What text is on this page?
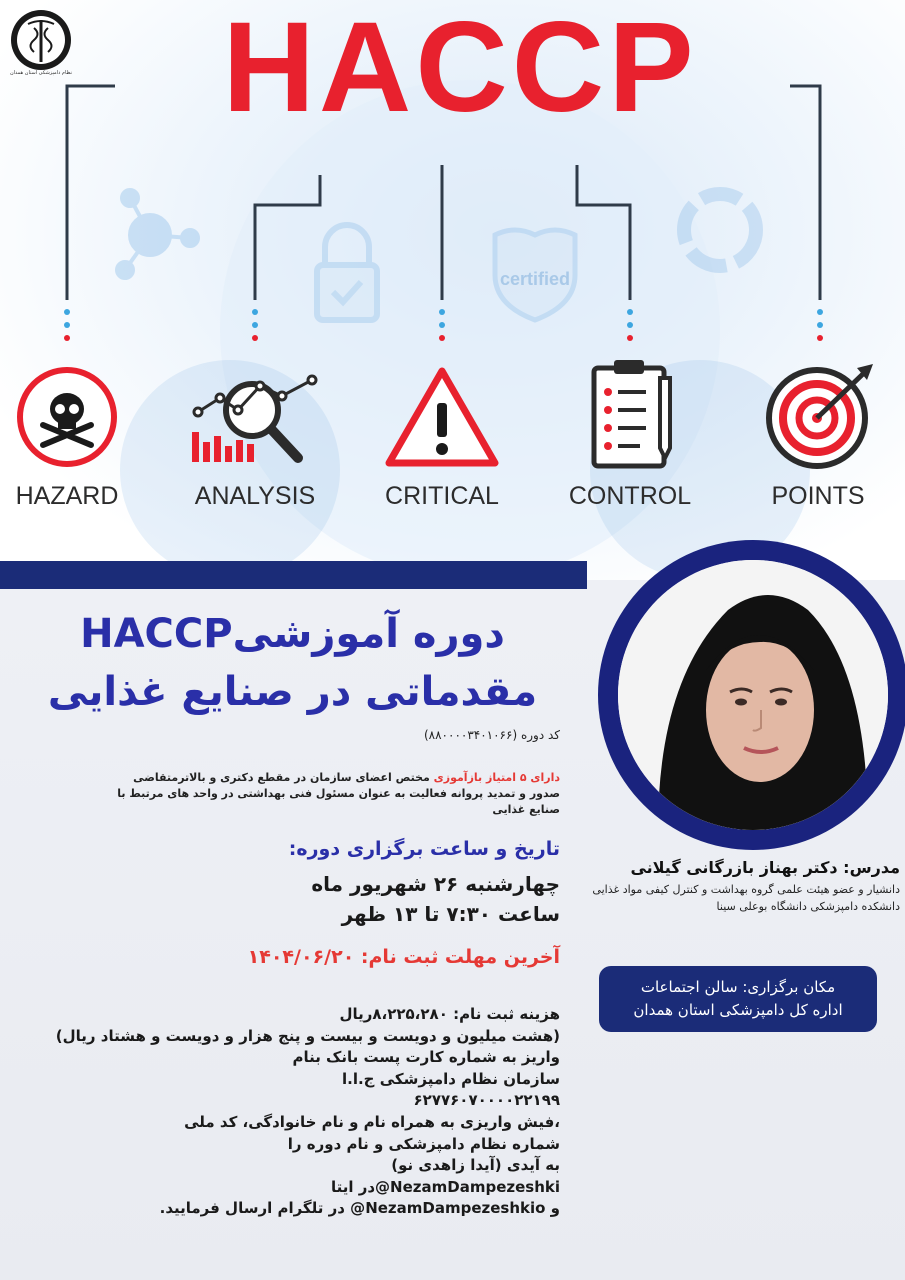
certified
نظام دامپزشکی استان همدان	HACCP
HAZARD	ANALYSIS	CRITICAL	CONTROL	POINTS
دوره آموزشیHACCP مقدماتی در صنایع غذایی
کد دوره (۸۸۰۰۰۰۳۴۰۱۰۶۶)
دارای ۵ امتیاز بازآموزی مختص اعضای سازمان در مقطع دکتری و بالاترمتقاضی صدور و تمدید پروانه فعالیت به عنوان مسئول فنی بهداشتی در واحد های مرتبط با صنایع غذایی
مدرس: دکتر بهناز بازرگانی گیلانی
دانشیار و عضو هیئت علمی گروه بهداشت و کنترل کیفی مواد غذایی
دانشکده دامپزشکی دانشگاه بوعلی سینا
تاریخ و ساعت برگزاری دوره:
چهارشنبه ۲۶ شهریور ماه
ساعت ۷:۳۰ تا ۱۳ ظهر
آخرین مهلت ثبت نام: ۱۴۰۴/۰۶/۲۰
مکان برگزاری: سالن اجتماعات
اداره کل دامپزشکی استان همدان
هزینه ثبت نام: ۸،۲۲۵،۲۸۰ریال
(هشت میلیون و دویست و بیست و پنج هزار و دویست و هشتاد ریال)
واریز به شماره کارت پست بانک بنام
سازمان نظام دامپزشکی ج.ا.ا
۶۲۷۷۶۰۷۰۰۰۰۲۲۱۹۹
،فیش واریزی به همراه نام و نام خانوادگی، کد ملی
شماره نظام دامپزشکی و نام دوره را
به آیدی (آیدا زاهدی نو)
NezamDampezeshki@در ایتا
و NezamDampezeshkio@ در تلگرام ارسال فرمایید.
